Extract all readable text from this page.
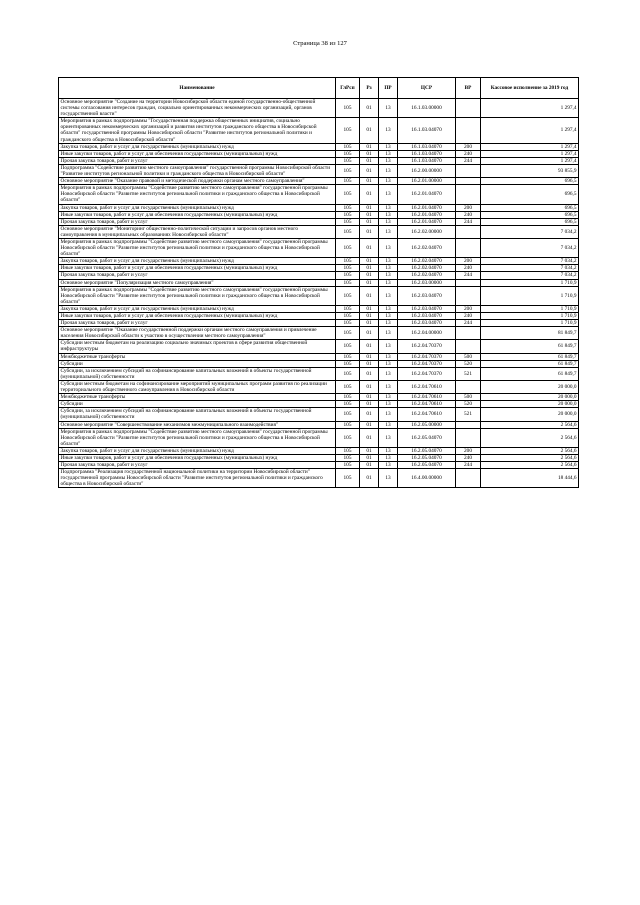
Страница 38 из 127
Наименование	ГлРсп	Рз	ПР	ЦСР	ВР	Кассовое исполнение за 2019 год
Основное мероприятие "Создание на территории Новосибирской области единой государственно-общественной системы согласования интересов граждан, социально ориентированных некоммерческих организаций, органов государственной власти"	105	01	13	16.1.03.00000		1 297,4
Мероприятия в рамках подпрограммы "Государственная поддержка общественных инициатив, социально ориентированных некоммерческих организаций и развития институтов гражданского общества в Новосибирской области" государственной программы Новосибирской области "Развитие институтов региональной политики и гражданского общества в Новосибирской области"	105	01	13	16.1.03.04070		1 297,4
Закупка товаров, работ и услуг для государственных (муниципальных) нужд	105	01	13	16.1.03.04070	200	1 297,4
Иные закупки товаров, работ и услуг для обеспечения государственных (муниципальных) нужд	105	01	13	16.1.03.04070	240	1 297,4
Прочая закупка товаров, работ и услуг	105	01	13	16.1.03.04070	244	1 297,4
Подпрограмма "Содействие развитию местного самоуправления" государственной программы Новосибирской области "Развитие институтов региональной политики и гражданского общества в Новосибирской области"	105	01	13	16.2.00.00000		93 855,9
Основное мероприятие "Оказание правовой и методической поддержки органам местного самоуправления"	105	01	13	16.2.01.00000		696,5
Мероприятия в рамках подпрограммы "Содействие развитию местного самоуправления" государственной программы Новосибирской области "Развитие институтов региональной политики и гражданского общества в Новосибирской области"	105	01	13	16.2.01.04070		696,5
Закупка товаров, работ и услуг для государственных (муниципальных) нужд	105	01	13	16.2.01.04070	200	696,5
Иные закупки товаров, работ и услуг для обеспечения государственных (муниципальных) нужд	105	01	13	16.2.01.04070	240	696,5
Прочая закупка товаров, работ и услуг	105	01	13	16.2.01.04070	244	696,5
Основное мероприятие "Мониторинг общественно-политической ситуации и запросов органов местного самоуправления в муниципальных образованиях Новосибирской области"	105	01	13	16.2.02.00000		7 034,2
Мероприятия в рамках подпрограммы "Содействие развитию местного самоуправления" государственной программы Новосибирской области "Развитие институтов региональной политики и гражданского общества в Новосибирской области"	105	01	13	16.2.02.04070		7 034,2
Закупка товаров, работ и услуг для государственных (муниципальных) нужд	105	01	13	16.2.02.04070	200	7 034,2
Иные закупки товаров, работ и услуг для обеспечения государственных (муниципальных) нужд	105	01	13	16.2.02.04070	240	7 034,2
Прочая закупка товаров, работ и услуг	105	01	13	16.2.02.04070	244	7 034,2
Основное мероприятие "Популяризация местного самоуправления"	105	01	13	16.2.03.00000		1 710,9
Мероприятия в рамках подпрограммы "Содействие развитию местного самоуправления" государственной программы Новосибирской области "Развитие институтов региональной политики и гражданского общества в Новосибирской области"	105	01	13	16.2.03.04070		1 710,9
Закупка товаров, работ и услуг для государственных (муниципальных) нужд	105	01	13	16.2.03.04070	200	1 710,9
Иные закупки товаров, работ и услуг для обеспечения государственных (муниципальных) нужд	105	01	13	16.2.03.04070	240	1 710,9
Прочая закупка товаров, работ и услуг	105	01	13	16.2.03.04070	244	1 710,9
Основное мероприятие "Оказание государственной поддержки органам местного самоуправления и привлечение населения Новосибирской области к участию в осуществлении местного самоуправления"	105	01	13	16.2.04.00000		81 849,7
Субсидии местным бюджетам на реализацию социально значимых проектов в сфере развития общественной инфраструктуры	105	01	13	16.2.04.70370		61 849,7
Межбюджетные трансферты	105	01	13	16.2.04.70370	500	61 849,7
Субсидии	105	01	13	16.2.04.70370	520	61 849,7
Субсидии, за исключением субсидий на софинансирование капитальных вложений в объекты государственной (муниципальной) собственности	105	01	13	16.2.04.70370	521	61 849,7
Субсидии местным бюджетам на софинансирование мероприятий муниципальных программ развития по реализации территориального общественного самоуправления в Новосибирской области	105	01	13	16.2.04.70610		20 000,0
Межбюджетные трансферты	105	01	13	16.2.04.70610	500	20 000,0
Субсидии	105	01	13	16.2.04.70610	520	20 000,0
Субсидии, за исключением субсидий на софинансирование капитальных вложений в объекты государственной (муниципальной) собственности	105	01	13	16.2.04.70610	521	20 000,0
Основное мероприятие "Совершенствование механизмов межмуниципального взаимодействия"	105	01	13	16.2.05.00000		2 564,6
Мероприятия в рамках подпрограммы "Содействие развитию местного самоуправления" государственной программы Новосибирской области "Развитие институтов региональной политики и гражданского общества в Новосибирской области"	105	01	13	16.2.05.04070		2 564,6
Закупка товаров, работ и услуг для государственных (муниципальных) нужд	105	01	13	16.2.05.04070	200	2 564,6
Иные закупки товаров, работ и услуг для обеспечения государственных (муниципальных) нужд	105	01	13	16.2.05.04070	240	2 564,6
Прочая закупка товаров, работ и услуг	105	01	13	16.2.05.04070	244	2 564,6
Подпрограмма "Реализация государственной национальной политики на территории Новосибирской области" государственной программы Новосибирской области "Развитие институтов региональной политики и гражданского общества в Новосибирской области"	105	01	13	16.4.00.00000		18 444,6
